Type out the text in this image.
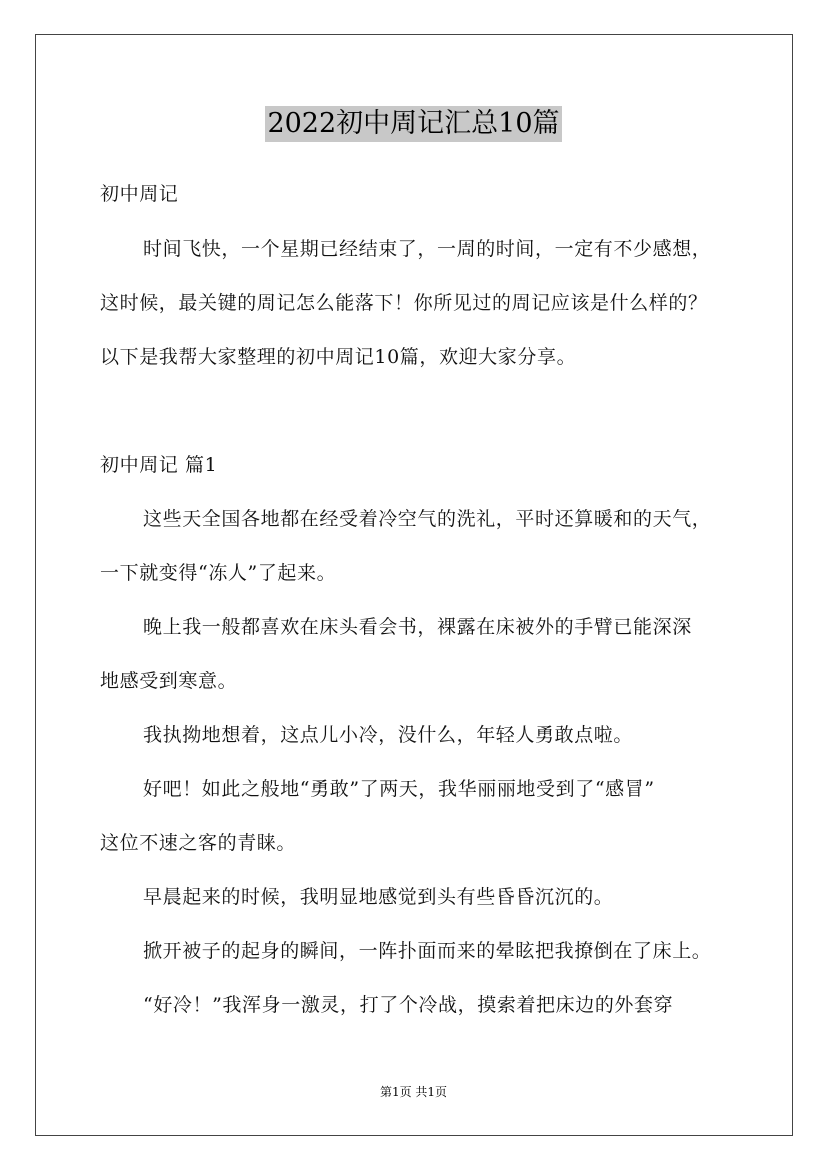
2022初中周记汇总10篇
初中周记
时间飞快，一个星期已经结束了，一周的时间，一定有不少感想，
这时候，最关键的周记怎么能落下！你所见过的周记应该是什么样的？
以下是我帮大家整理的初中周记10篇，欢迎大家分享。
初中周记 篇1
这些天全国各地都在经受着冷空气的洗礼，平时还算暖和的天气，
一下就变得“冻人”了起来。
晚上我一般都喜欢在床头看会书，裸露在床被外的手臂已能深深
地感受到寒意。
我执拗地想着，这点儿小冷，没什么，年轻人勇敢点啦。
好吧！如此之般地“勇敢”了两天，我华丽丽地受到了“感冒”
这位不速之客的青睐。
早晨起来的时候，我明显地感觉到头有些昏昏沉沉的。
掀开被子的起身的瞬间，一阵扑面而来的晕眩把我撩倒在了床上。
“好冷！”我浑身一激灵，打了个冷战，摸索着把床边的外套穿
第1页 共1页
